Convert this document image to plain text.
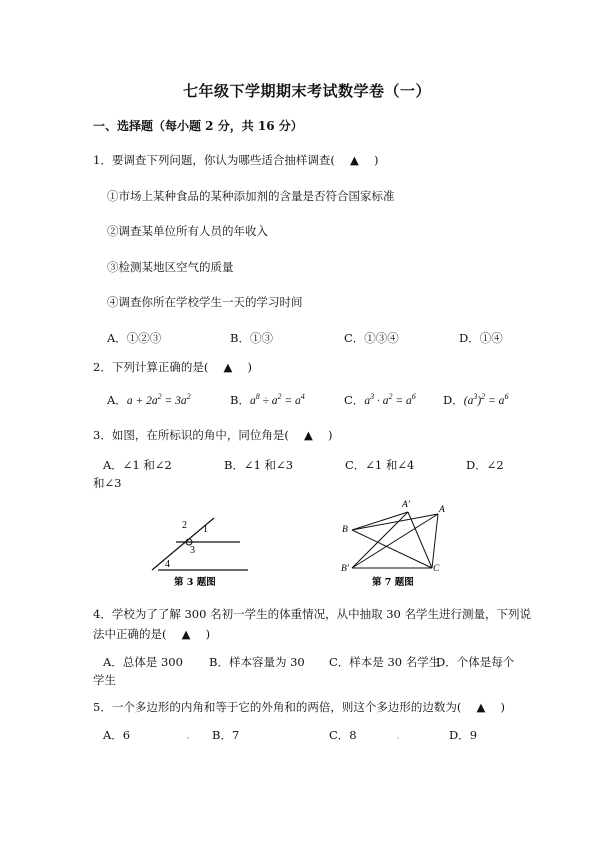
七年级下学期期末考试数学卷（一）
一、选择题（每小题 2 分，共 16 分）
1．要调查下列问题，你认为哪些适合抽样调查(　 ▲　 )
①市场上某种食品的某种添加剂的含量是否符合国家标准
②调查某单位所有人员的年收入
③检测某地区空气的质量
④调查你所在学校学生一天的学习时间
A．①②③	B．①③	C．①③④	D．①④
2．下列计算正确的是(　 ▲　 )
A．$a + 2a^2 = 3a^2$	B．$a^8 \div a^2 = a^4$	C．$a^3 \cdot a^2 = a^6$ D．$(a^3)^2 = a^6$
3．如图，在所标识的角中，同位角是(　 ▲　 )
A．∠1 和∠2	B．∠1 和∠3	C．∠1 和∠4	D．∠2
和∠3
2 1
3
4
第 3 题图
A′	A
B
B′	C
第 7 题图
4．学校为了了解 300 名初一学生的体重情况，从中抽取 30 名学生进行测量，下列说
法中正确的是(　 ▲　 )
A．总体是 300 B．样本容量为 30 C．样本是 30 名学生
D．个体是每个
学生
5．一个多边形的内角和等于它的外角和的两倍，则这个多边形的边数为(　 ▲　 )
A．6	B．7	C．8	D．9
